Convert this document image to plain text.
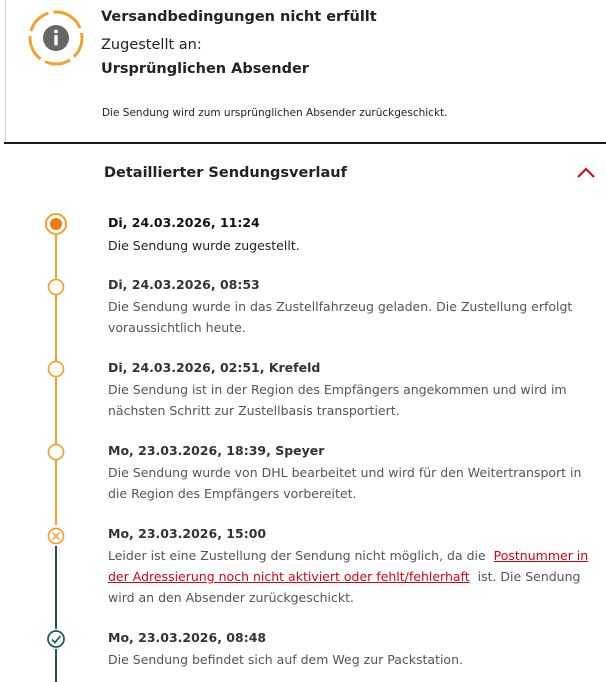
Versandbedingungen nicht erfüllt
Zugestellt an:
Ursprünglichen Absender
Die Sendung wird zum ursprünglichen Absender zurückgeschickt.
Detaillierter Sendungsverlauf
Di, 24.03.2026, 11:24
Die Sendung wurde zugestellt.
Di, 24.03.2026, 08:53
Die Sendung wurde in das Zustellfahrzeug geladen. Die Zustellung erfolgt voraussichtlich heute.
Di, 24.03.2026, 02:51, Krefeld
Die Sendung ist in der Region des Empfängers angekommen und wird im nächsten Schritt zur Zustellbasis transportiert.
Mo, 23.03.2026, 18:39, Speyer
Die Sendung wurde von DHL bearbeitet und wird für den Weitertransport in die Region des Empfängers vorbereitet.
Mo, 23.03.2026, 15:00
Leider ist eine Zustellung der Sendung nicht möglich, da die Postnummer in der Adressierung noch nicht aktiviert oder fehlt/fehlerhaft ist. Die Sendung wird an den Absender zurückgeschickt.
Mo, 23.03.2026, 08:48
Die Sendung befindet sich auf dem Weg zur Packstation.
